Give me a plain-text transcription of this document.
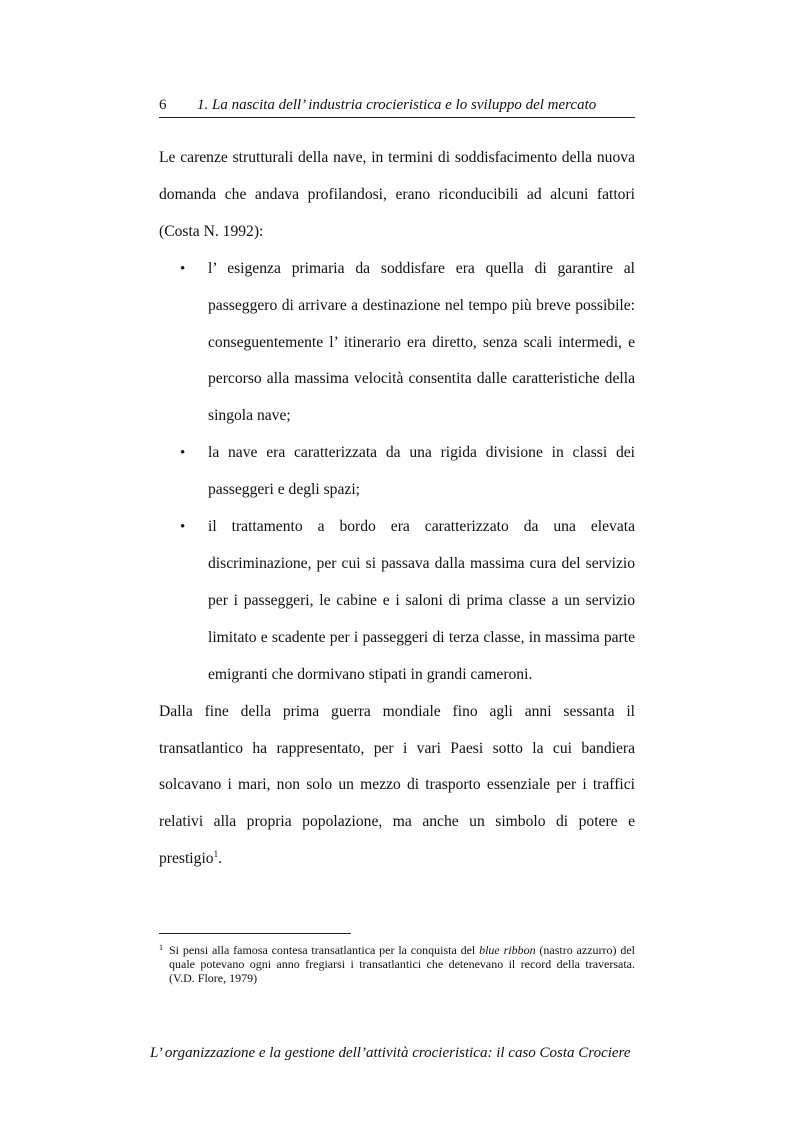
6 1. La nascita dell’ industria crocieristica e lo sviluppo del mercato

Le carenze strutturali della nave, in termini di soddisfacimento della nuova domanda che andava profilandosi, erano riconducibili ad alcuni fattori (Costa N. 1992):

• l’ esigenza primaria da soddisfare era quella di garantire al passeggero di arrivare a destinazione nel tempo più breve possibile: conseguentemente l’ itinerario era diretto, senza scali intermedi, e percorso alla massima velocità consentita dalle caratteristiche della singola nave;
• la nave era caratterizzata da una rigida divisione in classi dei passeggeri e degli spazi;
• il trattamento a bordo era caratterizzato da una elevata discriminazione, per cui si passava dalla massima cura del servizio per i passeggeri, le cabine e i saloni di prima classe a un servizio limitato e scadente per i passeggeri di terza classe, in massima parte emigranti che dormivano stipati in grandi cameroni.

Dalla fine della prima guerra mondiale fino agli anni sessanta il transatlantico ha rappresentato, per i vari Paesi sotto la cui bandiera solcavano i mari, non solo un mezzo di trasporto essenziale per i traffici relativi alla propria popolazione, ma anche un simbolo di potere e prestigio$^1$.

1 Si pensi alla famosa contesa transatlantica per la conquista del blue ribbon (nastro azzurro) del quale potevano ogni anno fregiarsi i transatlantici che detenevano il record della traversata. (V.D. Flore, 1979)
L’ organizzazione e la gestione dell’attività crocieristica: il caso Costa Crociere
